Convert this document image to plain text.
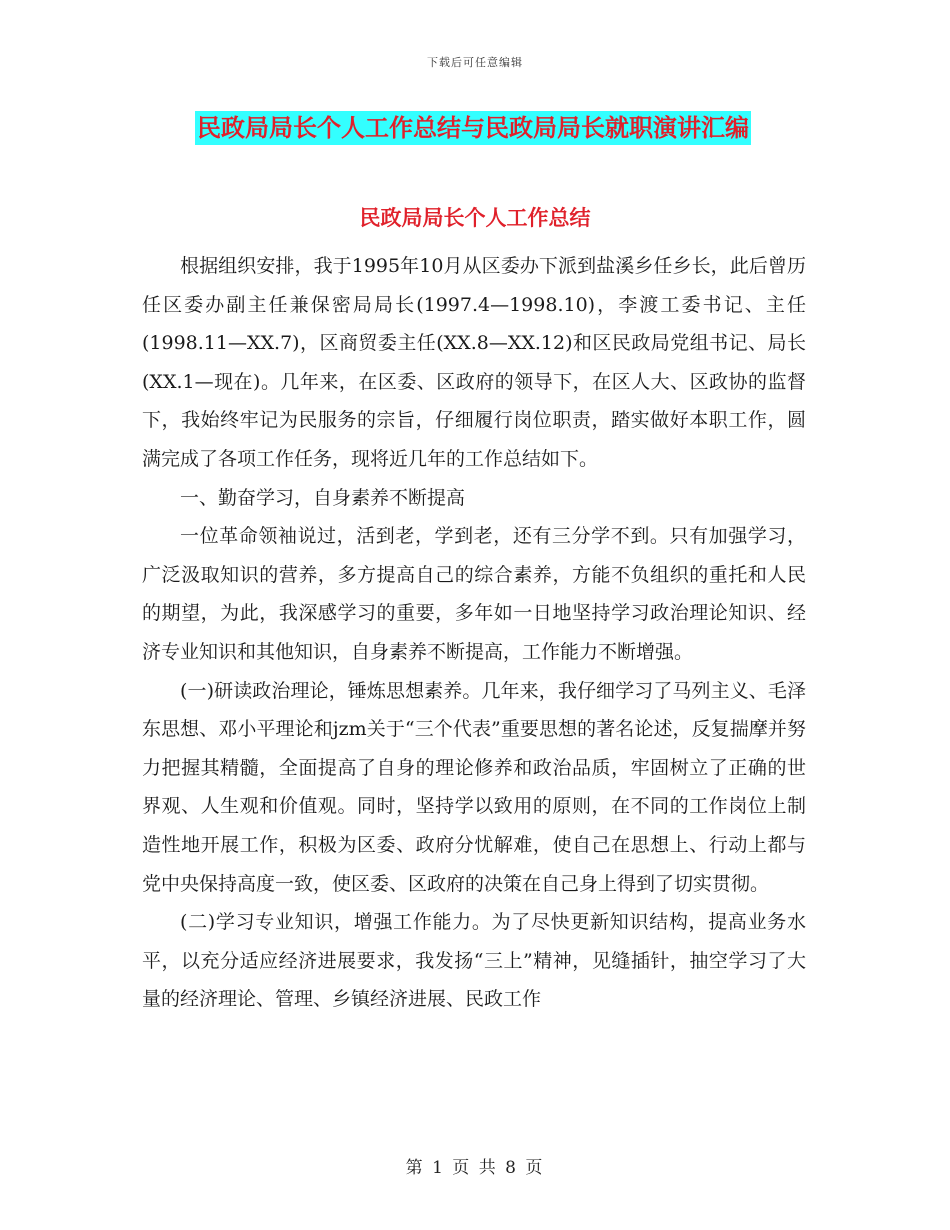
下载后可任意编辑
民政局局长个人工作总结与民政局局长就职演讲汇编
民政局局长个人工作总结

根据组织安排，我于1995年10月从区委办下派到盐溪乡任乡长，此后曾历任区委办副主任兼保密局局长(1997.4—1998.10)，李渡工委书记、主任(1998.11—XX.7)，区商贸委主任(XX.8—XX.12)和区民政局党组书记、局长(XX.1—现在)。几年来，在区委、区政府的领导下，在区人大、区政协的监督下，我始终牢记为民服务的宗旨，仔细履行岗位职责，踏实做好本职工作，圆满完成了各项工作任务，现将近几年的工作总结如下。

一、勤奋学习，自身素养不断提高

一位革命领袖说过，活到老，学到老，还有三分学不到。只有加强学习，广泛汲取知识的营养，多方提高自己的综合素养，方能不负组织的重托和人民的期望，为此，我深感学习的重要，多年如一日地坚持学习政治理论知识、经济专业知识和其他知识，自身素养不断提高，工作能力不断增强。

(一)研读政治理论，锤炼思想素养。几年来，我仔细学习了马列主义、毛泽东思想、邓小平理论和jzm关于“三个代表”重要思想的著名论述，反复揣摩并努力把握其精髓，全面提高了自身的理论修养和政治品质，牢固树立了正确的世界观、人生观和价值观。同时，坚持学以致用的原则，在不同的工作岗位上制造性地开展工作，积极为区委、政府分忧解难，使自己在思想上、行动上都与党中央保持高度一致，使区委、区政府的决策在自己身上得到了切实贯彻。

(二)学习专业知识，增强工作能力。为了尽快更新知识结构，提高业务水平，以充分适应经济进展要求，我发扬“三上”精神，见缝插针，抽空学习了大量的经济理论、管理、乡镇经济进展、民政工作

第 1 页 共 8 页
